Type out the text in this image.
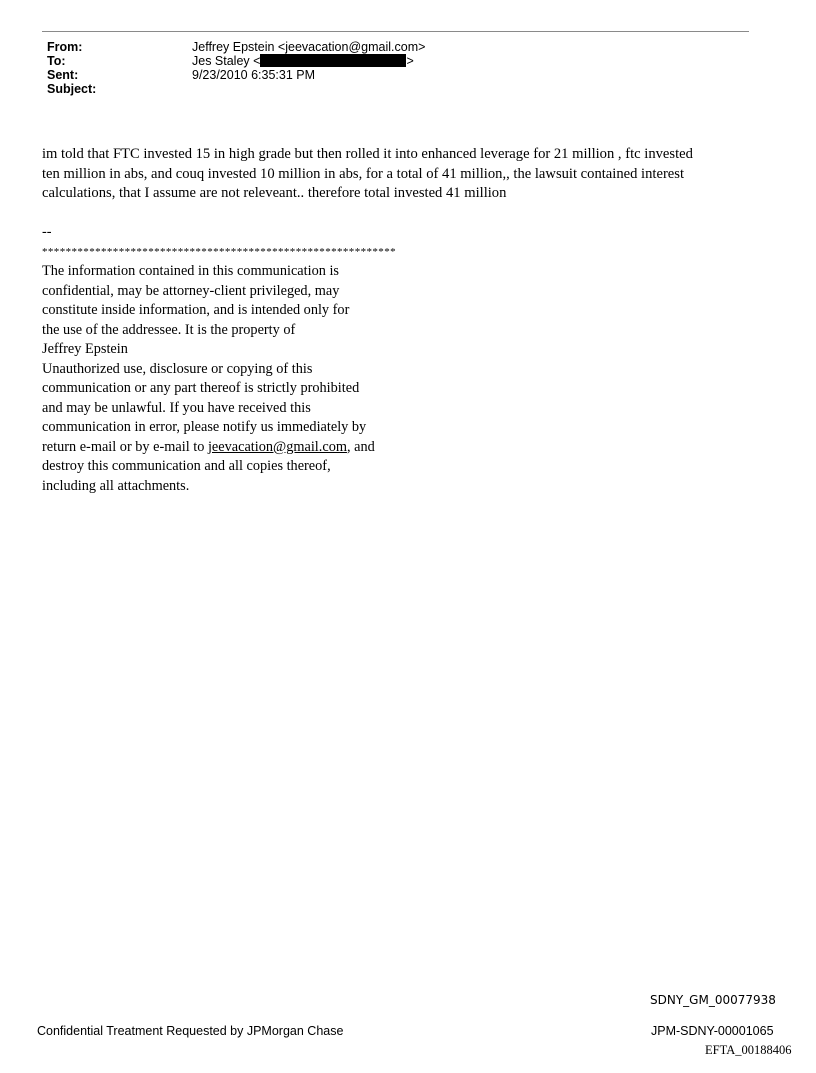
From:	Jeffrey Epstein <jeevacation@gmail.com>
To:	Jes Staley <	>
Sent:	9/23/2010 6:35:31 PM
Subject:
im told that FTC invested 15 in high grade but then rolled it into enhanced leverage for 21 million , ftc invested
ten million in abs, and couq invested 10 million in abs, for a total of 41 million,, the lawsuit contained interest
calculations, that I assume are not releveant.. therefore total invested 41 million
--
************************************************************
The information contained in this communication is
confidential, may be attorney-client privileged, may
constitute inside information, and is intended only for
the use of the addressee. It is the property of
Jeffrey Epstein
Unauthorized use, disclosure or copying of this
communication or any part thereof is strictly prohibited
and may be unlawful. If you have received this
communication in error, please notify us immediately by
return e-mail or by e-mail to jeevacation@gmail.com, and
destroy this communication and all copies thereof,
including all attachments.
SDNY_GM_00077938
Confidential Treatment Requested by JPMorgan Chase	JPM-SDNY-00001065
EFTA_00188406
